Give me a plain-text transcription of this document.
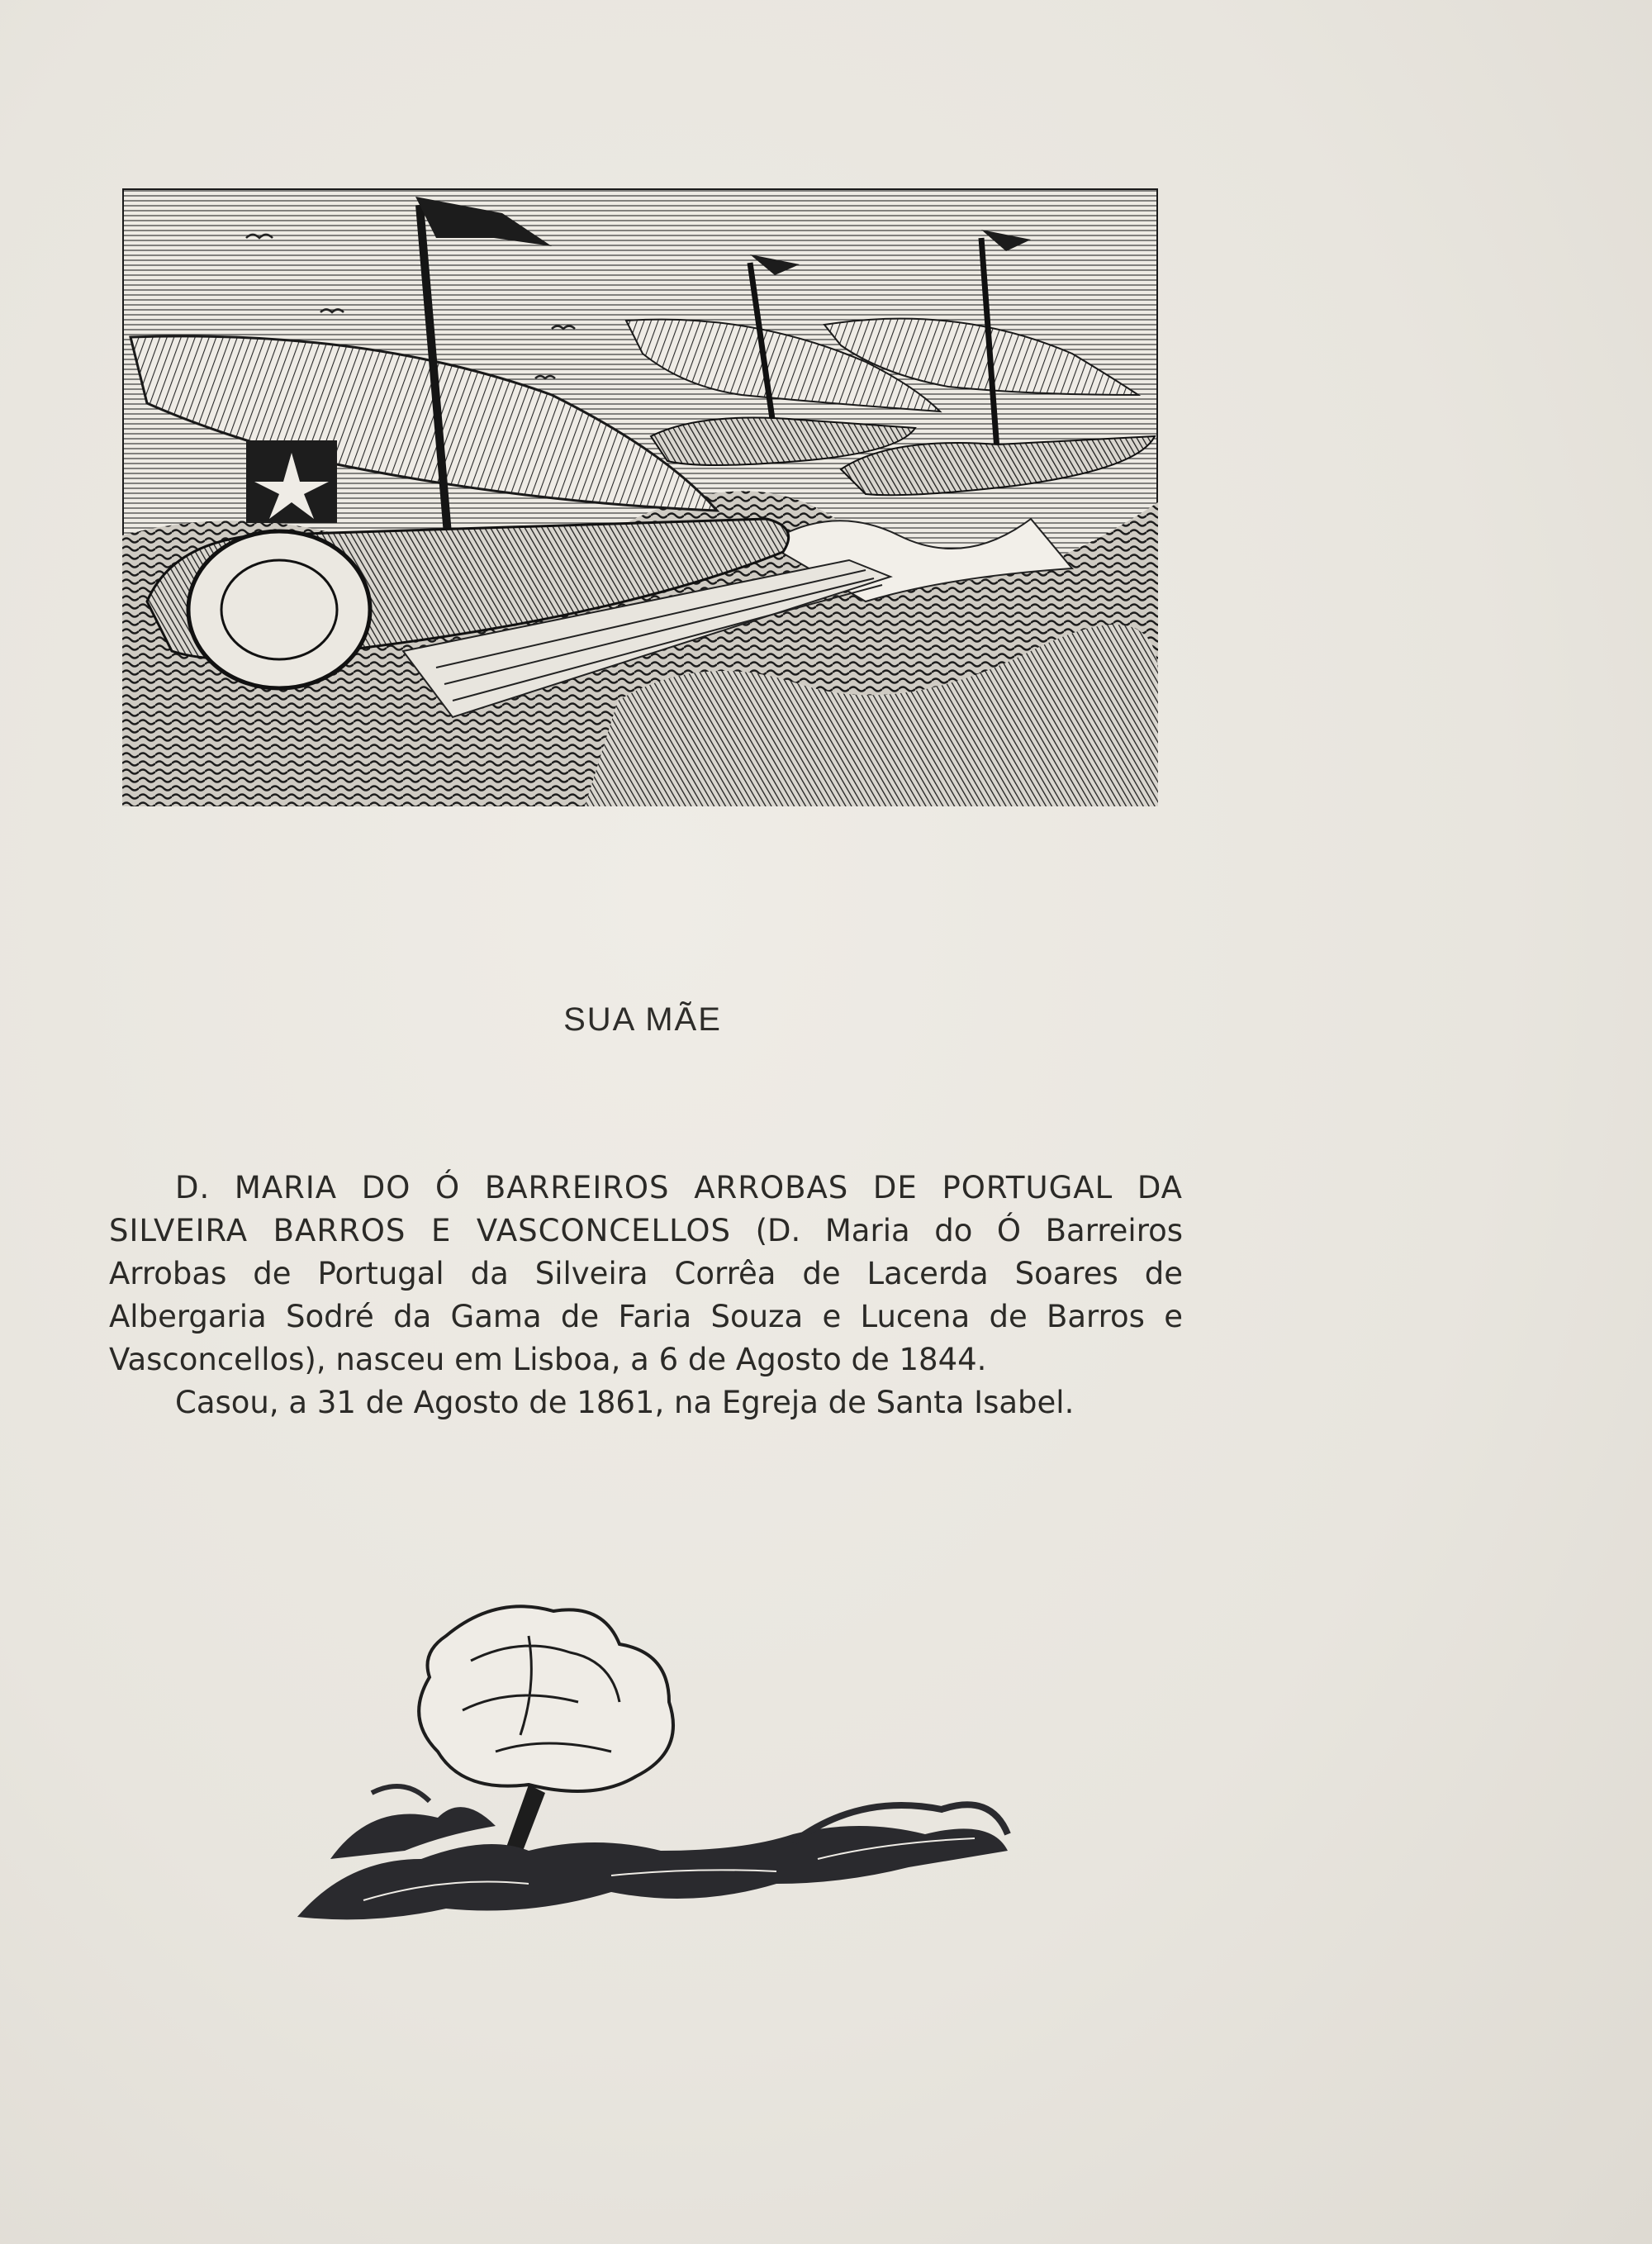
SUA MÃE

D. MARIA DO Ó BARREIROS ARROBAS DE PORTUGAL DA SILVEIRA BARROS E VASCONCELLOS (D. Maria do Ó Barreiros Arrobas de Portugal da Silveira Corrêa de Lacerda Soares de Albergaria Sodré da Gama de Faria Souza e Lucena de Barros e Vasconcellos), nasceu em Lisboa, a 6 de Agosto de 1844.

Casou, a 31 de Agosto de 1861, na Egreja de Santa Isabel.
